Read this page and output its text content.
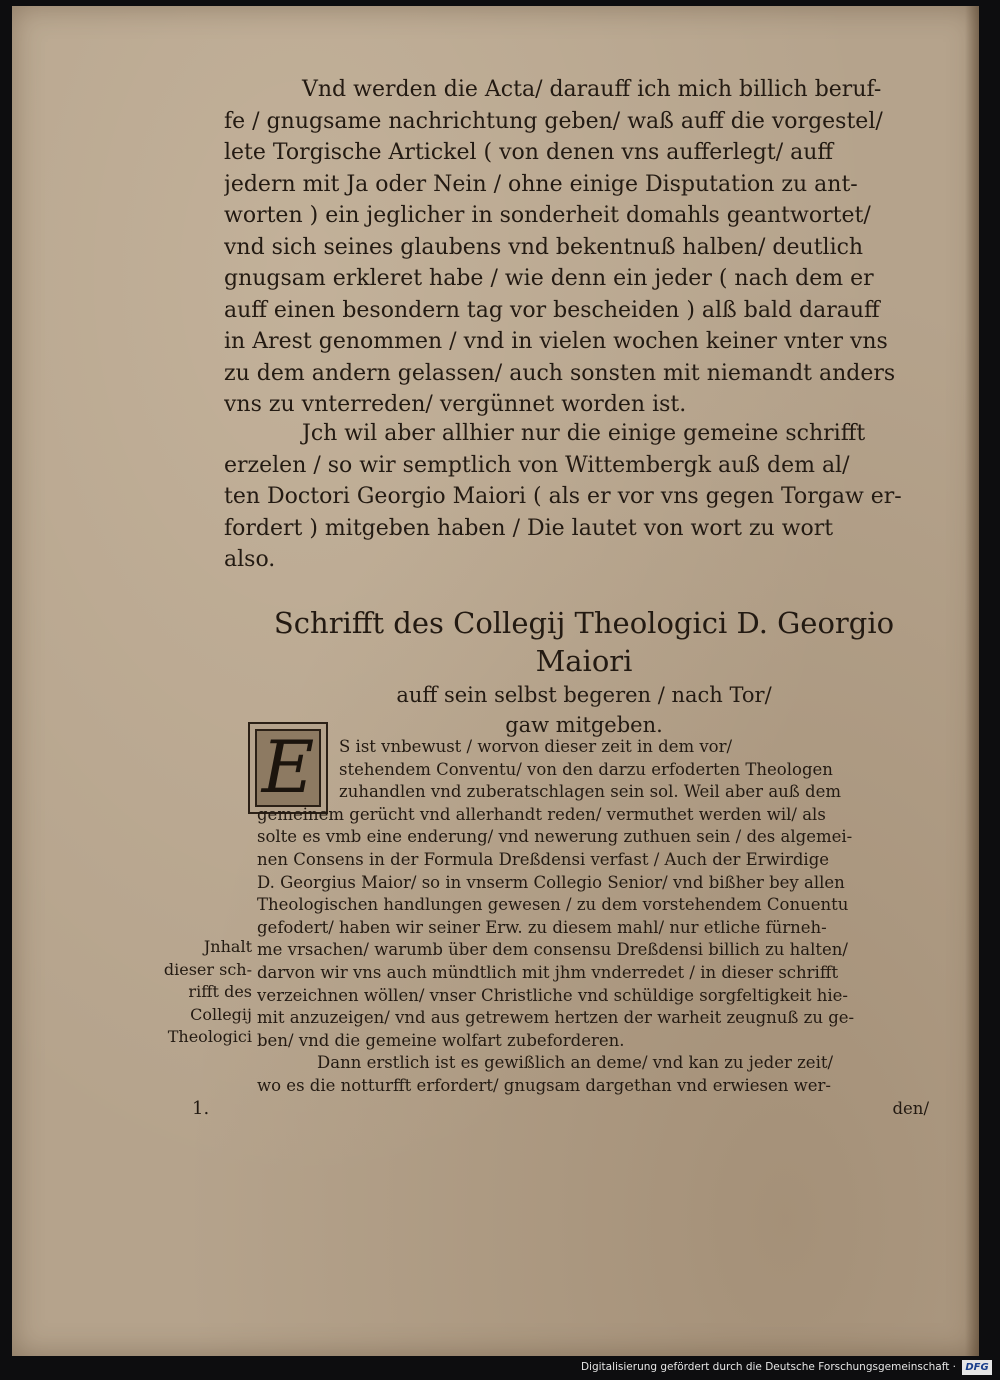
Vnd werden die Acta/ darauff ich mich billich beruf-
fe / gnugsame nachrichtung geben/ waß auff die vorgestel/
lete Torgische Artickel ( von denen vns aufferlegt/ auff
jedern mit Ja oder Nein / ohne einige Disputation zu ant-
worten ) ein jeglicher in sonderheit domahls geantwortet/
vnd sich seines glaubens vnd bekentnuß halben/ deutlich
gnugsam erkleret habe / wie denn ein jeder ( nach dem er
auff einen besondern tag vor bescheiden ) alß bald darauff
in Arest genommen / vnd in vielen wochen keiner vnter vns
zu dem andern gelassen/ auch sonsten mit niemandt anders
vns zu vnterreden/ vergünnet worden ist.
Jch wil aber allhier nur die einige gemeine schrifft
erzelen / so wir semptlich von Wittembergk auß dem al/
ten Doctori Georgio Maiori ( als er vor vns gegen Torgaw er-
fordert ) mitgeben haben / Die lautet von wort zu wort
also.
Schrifft des Collegij Theologici D. Georgio Maiori
auff sein selbst begeren / nach Tor/
gaw mitgeben.
E	S ist vnbewust / worvon dieser zeit in dem vor/
stehendem Conventu/ von den darzu erfoderten Theologen
zuhandlen vnd zuberatschlagen sein sol. Weil aber auß dem
gemeinem gerücht vnd allerhandt reden/ vermuthet werden wil/ als
solte es vmb eine enderung/ vnd newerung zuthuen sein / des algemei-
nen Consens in der Formula Dreßdensi verfast / Auch der Erwirdige
D. Georgius Maior/ so in vnserm Collegio Senior/ vnd bißher bey allen
Theologischen handlungen gewesen / zu dem vorstehendem Conuentu
gefodert/ haben wir seiner Erw. zu diesem mahl/ nur etliche fürneh-
me vrsachen/ warumb über dem consensu Dreßdensi billich zu halten/
darvon wir vns auch mündtlich mit jhm vnderredet / in dieser schrifft
verzeichnen wöllen/ vnser Christliche vnd schüldige sorgfeltigkeit hie-
mit anzuzeigen/ vnd aus getrewem hertzen der warheit zeugnuß zu ge-
ben/ vnd die gemeine wolfart zubeforderen.
Dann erstlich ist es gewißlich an deme/ vnd kan zu jeder zeit/
wo es die notturfft erfordert/ gnugsam dargethan vnd erwiesen wer-
den/
Jnhalt
dieser sch-
rifft des
Collegij
Theologici
1.
Digitalisierung gefördert durch die Deutsche Forschungsgemeinschaft · DFG
